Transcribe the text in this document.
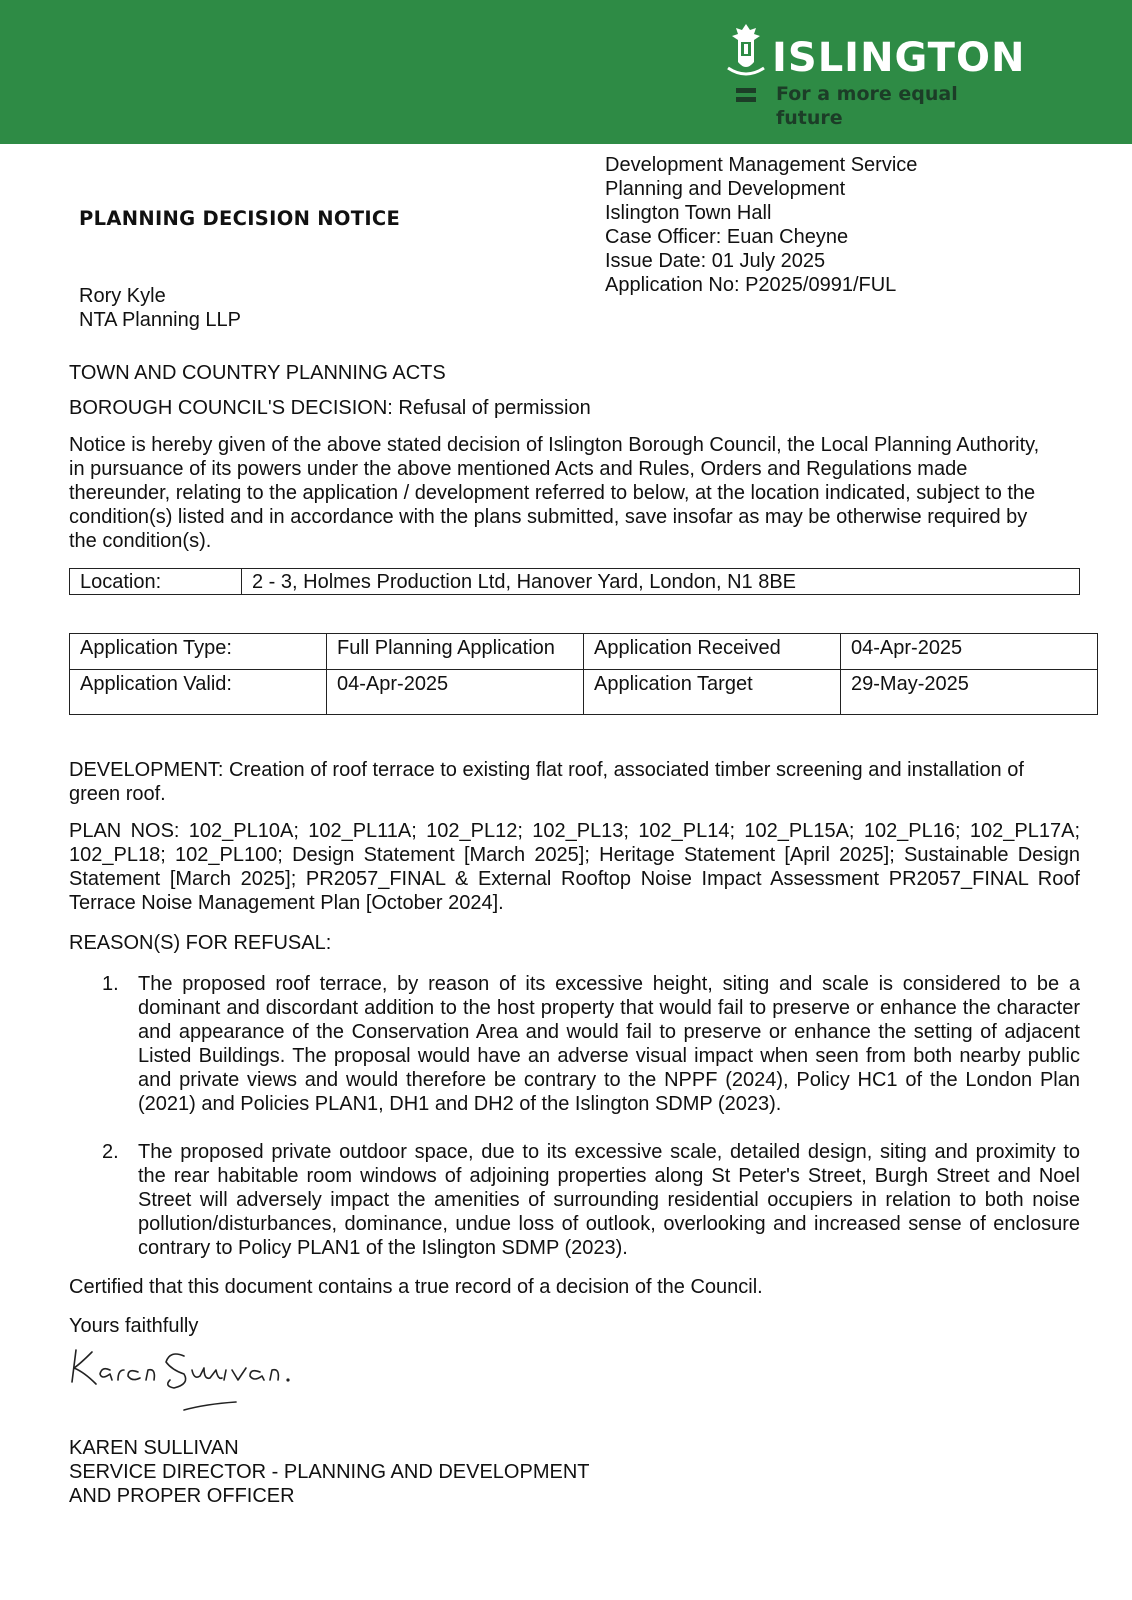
ISLINGTON
For a more equal future
PLANNING DECISION NOTICE
Development Management Service
Planning and Development
Islington Town Hall
Case Officer: Euan Cheyne
Issue Date: 01 July 2025
Application No: P2025/0991/FUL
Rory Kyle
NTA Planning LLP
TOWN AND COUNTRY PLANNING ACTS
BOROUGH COUNCIL'S DECISION: Refusal of permission
Notice is hereby given of the above stated decision of Islington Borough Council, the Local Planning Authority, in pursuance of its powers under the above mentioned Acts and Rules, Orders and Regulations made thereunder, relating to the application / development referred to below, at the location indicated, subject to the condition(s) listed and in accordance with the plans submitted, save insofar as may be otherwise required by the condition(s).
Location:	2 - 3, Holmes Production Ltd, Hanover Yard, London, N1 8BE
Application Type:	Full Planning Application	Application Received	04-Apr-2025
Application Valid:	04-Apr-2025	Application Target	29-May-2025
DEVELOPMENT: Creation of roof terrace to existing flat roof, associated timber screening and installation of green roof.
PLAN NOS: 102_PL10A; 102_PL11A; 102_PL12; 102_PL13; 102_PL14; 102_PL15A; 102_PL16; 102_PL17A; 102_PL18; 102_PL100; Design Statement [March 2025]; Heritage Statement [April 2025]; Sustainable Design Statement [March 2025]; PR2057_FINAL & External Rooftop Noise Impact Assessment PR2057_FINAL Roof Terrace Noise Management Plan [October 2024].
REASON(S) FOR REFUSAL:
1. The proposed roof terrace, by reason of its excessive height, siting and scale is considered to be a dominant and discordant addition to the host property that would fail to preserve or enhance the character and appearance of the Conservation Area and would fail to preserve or enhance the setting of adjacent Listed Buildings. The proposal would have an adverse visual impact when seen from both nearby public and private views and would therefore be contrary to the NPPF (2024), Policy HC1 of the London Plan (2021) and Policies PLAN1, DH1 and DH2 of the Islington SDMP (2023).
2. The proposed private outdoor space, due to its excessive scale, detailed design, siting and proximity to the rear habitable room windows of adjoining properties along St Peter's Street, Burgh Street and Noel Street will adversely impact the amenities of surrounding residential occupiers in relation to both noise pollution/disturbances, dominance, undue loss of outlook, overlooking and increased sense of enclosure contrary to Policy PLAN1 of the Islington SDMP (2023).
Certified that this document contains a true record of a decision of the Council.
Yours faithfully
KAREN SULLIVAN
SERVICE DIRECTOR - PLANNING AND DEVELOPMENT
AND PROPER OFFICER
